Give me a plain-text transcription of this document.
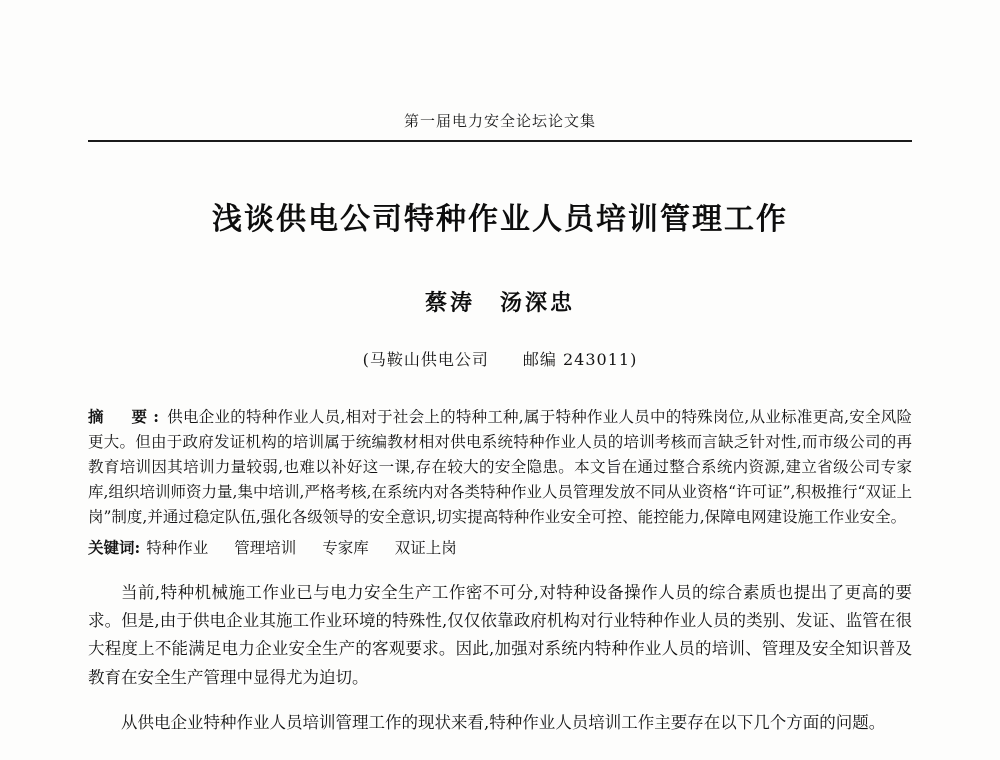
第一届电力安全论坛论文集
浅谈供电公司特种作业人员培训管理工作
蔡涛　汤深忠
(马鞍山供电公司　　邮编 243011)
摘　要: 供电企业的特种作业人员,相对于社会上的特种工种,属于特种作业人员中的特殊岗位,从业标准更高,安全风险更大。但由于政府发证机构的培训属于统编教材相对供电系统特种作业人员的培训考核而言缺乏针对性,而市级公司的再教育培训因其培训力量较弱,也难以补好这一课,存在较大的安全隐患。本文旨在通过整合系统内资源,建立省级公司专家库,组织培训师资力量,集中培训,严格考核,在系统内对各类特种作业人员管理发放不同从业资格“许可证”,积极推行“双证上岗”制度,并通过稳定队伍,强化各级领导的安全意识,切实提高特种作业安全可控、能控能力,保障电网建设施工作业安全。
关键词: 特种作业 管理培训 专家库 双证上岗

当前,特种机械施工作业已与电力安全生产工作密不可分,对特种设备操作人员的综合素质也提出了更高的要求。但是,由于供电企业其施工作业环境的特殊性,仅仅依靠政府机构对行业特种作业人员的类别、发证、监管在很大程度上不能满足电力企业安全生产的客观要求。因此,加强对系统内特种作业人员的培训、管理及安全知识普及教育在安全生产管理中显得尤为迫切。

从供电企业特种作业人员培训管理工作的现状来看,特种作业人员培训工作主要存在以下几个方面的问题。
